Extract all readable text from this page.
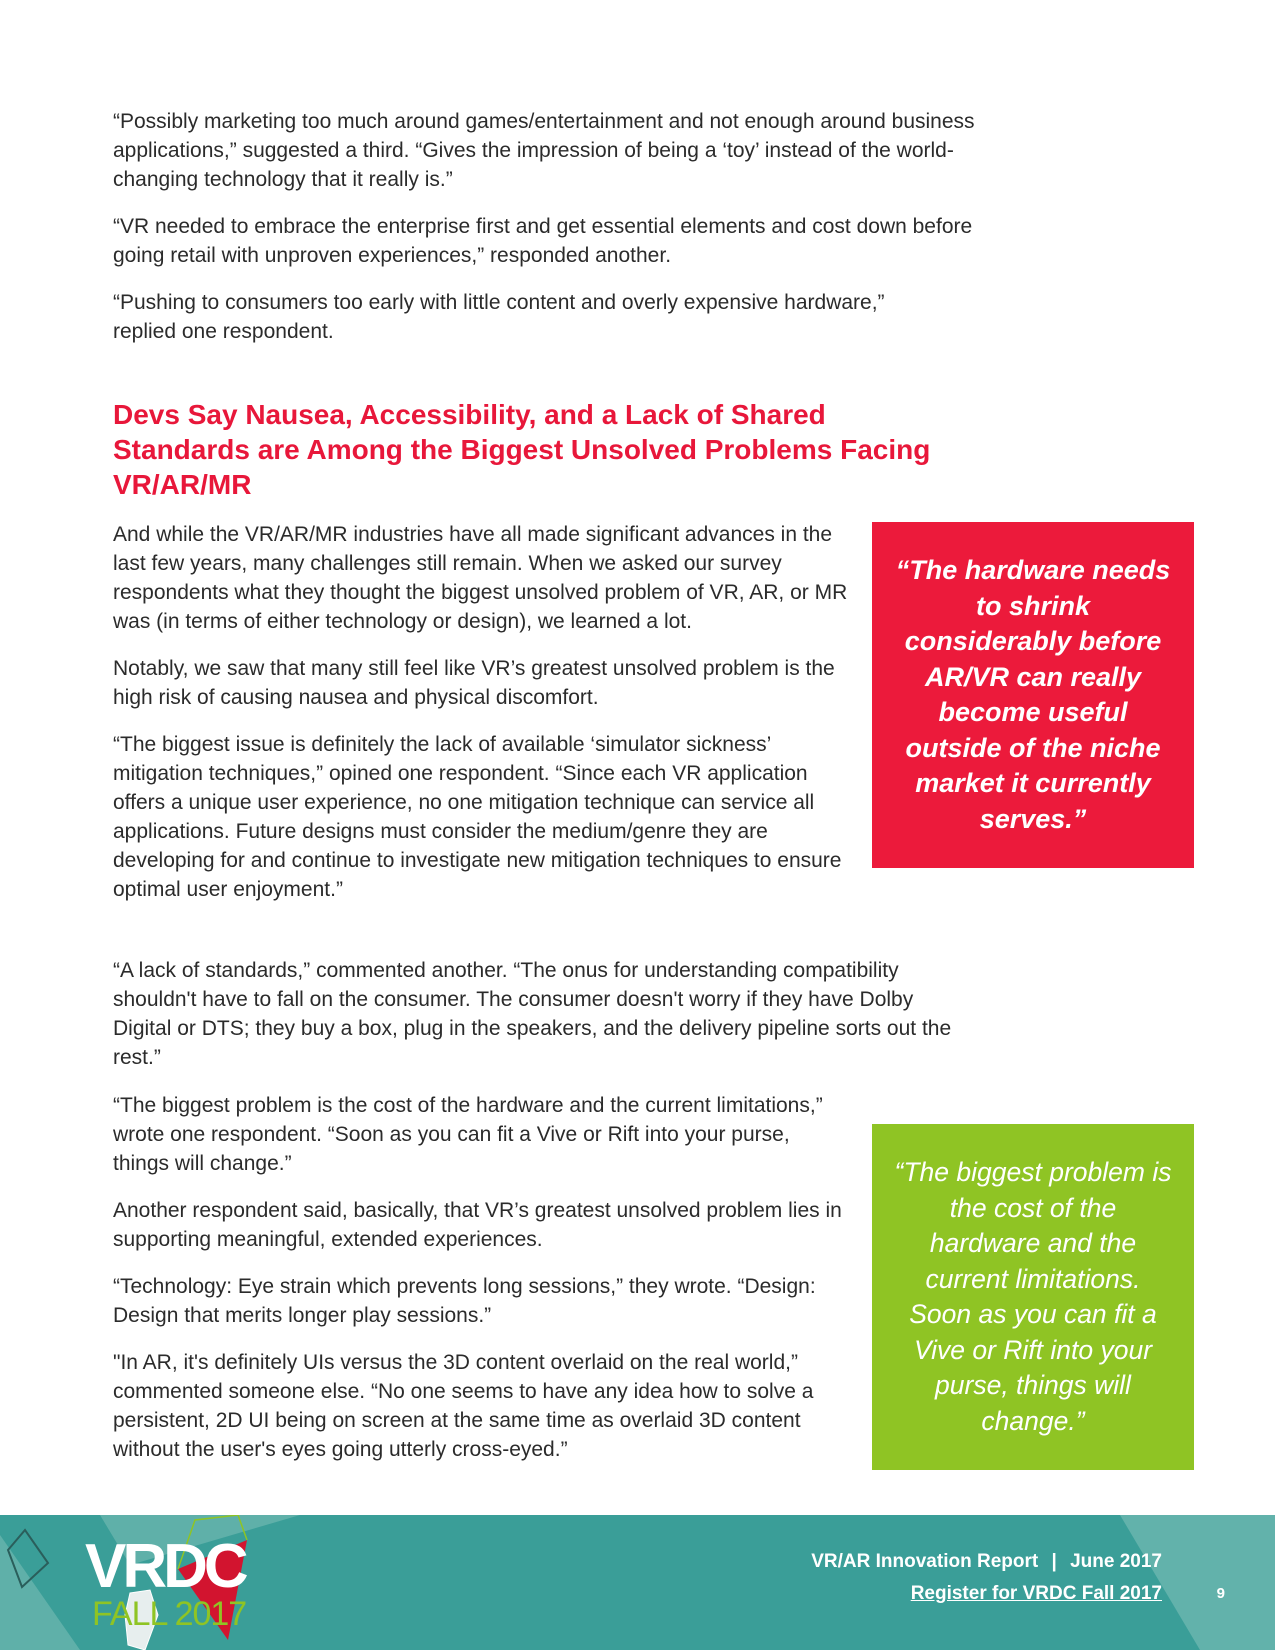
“Possibly marketing too much around games/entertainment and not enough around business applications,” suggested a third. “Gives the impression of being a ‘toy’ instead of the world-changing technology that it really is.”

“VR needed to embrace the enterprise first and get essential elements and cost down before going retail with unproven experiences,” responded another.

“Pushing to consumers too early with little content and overly expensive hardware,” replied one respondent.

Devs Say Nausea, Accessibility, and a Lack of Shared Standards are Among the Biggest Unsolved Problems Facing VR/AR/MR

And while the VR/AR/MR industries have all made significant advances in the last few years, many challenges still remain. When we asked our survey respondents what they thought the biggest unsolved problem of VR, AR, or MR was (in terms of either technology or design), we learned a lot.

Notably, we saw that many still feel like VR’s greatest unsolved problem is the high risk of causing nausea and physical discomfort.

“The biggest issue is definitely the lack of available ‘simulator sickness’ mitigation techniques,” opined one respondent. “Since each VR application offers a unique user experience, no one mitigation technique can service all applications. Future designs must consider the medium/genre they are developing for and continue to investigate new mitigation techniques to ensure optimal user enjoyment.”

“A lack of standards,” commented another. “The onus for understanding compatibility shouldn't have to fall on the consumer. The consumer doesn't worry if they have Dolby Digital or DTS; they buy a box, plug in the speakers, and the delivery pipeline sorts out the rest.”

“The biggest problem is the cost of the hardware and the current limitations,” wrote one respondent. “Soon as you can fit a Vive or Rift into your purse, things will change.”

Another respondent said, basically, that VR’s greatest unsolved problem lies in supporting meaningful, extended experiences.

“Technology: Eye strain which prevents long sessions,” they wrote. “Design: Design that merits longer play sessions.”

"In AR, it's definitely UIs versus the 3D content overlaid on the real world,” commented someone else. “No one seems to have any idea how to solve a persistent, 2D UI being on screen at the same time as overlaid 3D content without the user's eyes going utterly cross-eyed.”

“The hardware needs to shrink considerably before AR/VR can really become useful outside of the niche market it currently serves.”
“The biggest problem is the cost of the hardware and the current limitations. Soon as you can fit a Vive or Rift into your purse, things will change.”
VRDC
FALL 2017
VR/AR Innovation Report | June 2017
Register for VRDC Fall 2017	9
